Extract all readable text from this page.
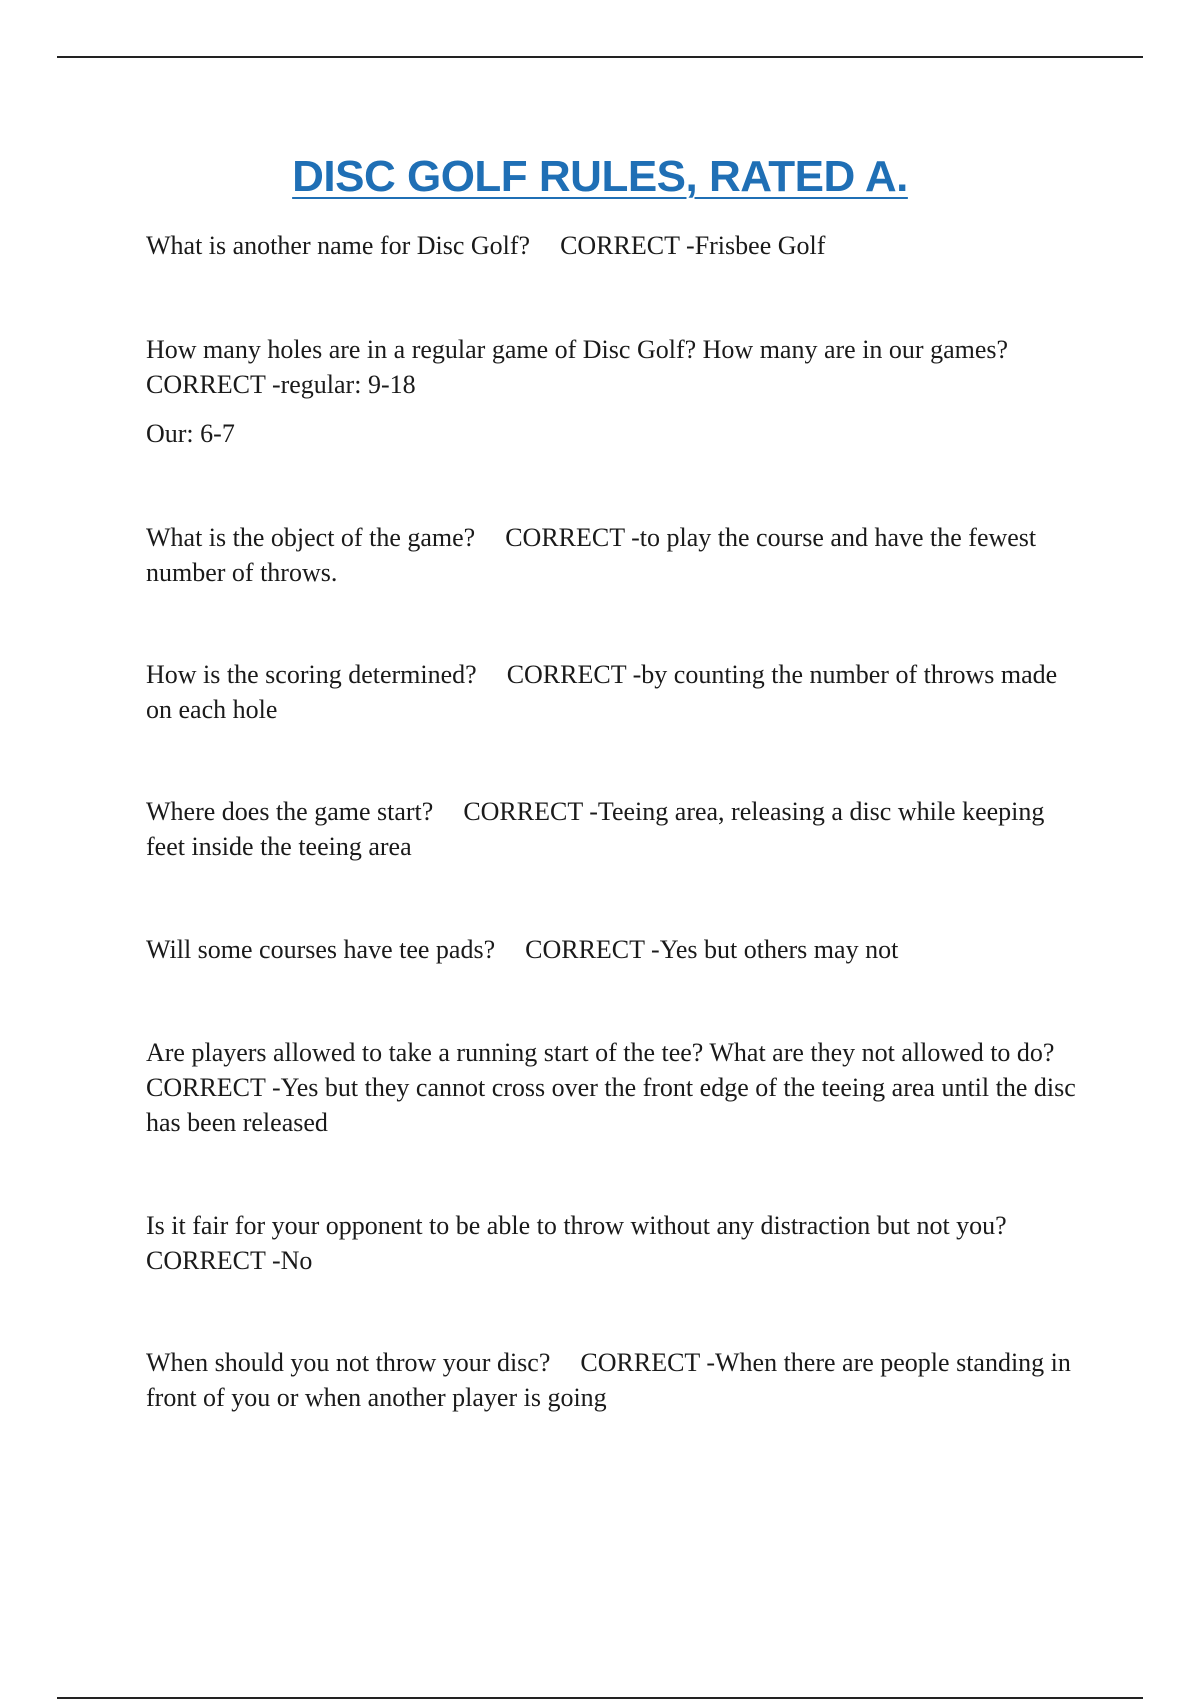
DISC GOLF RULES, RATED A.

What is another name for Disc Golf? CORRECT -Frisbee Golf

How many holes are in a regular game of Disc Golf? How many are in our games? CORRECT -regular: 9-18
Our: 6-7

What is the object of the game? CORRECT -to play the course and have the fewest number of throws.

How is the scoring determined? CORRECT -by counting the number of throws made on each hole

Where does the game start? CORRECT -Teeing area, releasing a disc while keeping feet inside the teeing area

Will some courses have tee pads? CORRECT -Yes but others may not

Are players allowed to take a running start of the tee? What are they not allowed to do?CORRECT -Yes but they cannot cross over the front edge of the teeing area until the disc has been released

Is it fair for your opponent to be able to throw without any distraction but not you? CORRECT -No

When should you not throw your disc? CORRECT -When there are people standing in front of you or when another player is going
